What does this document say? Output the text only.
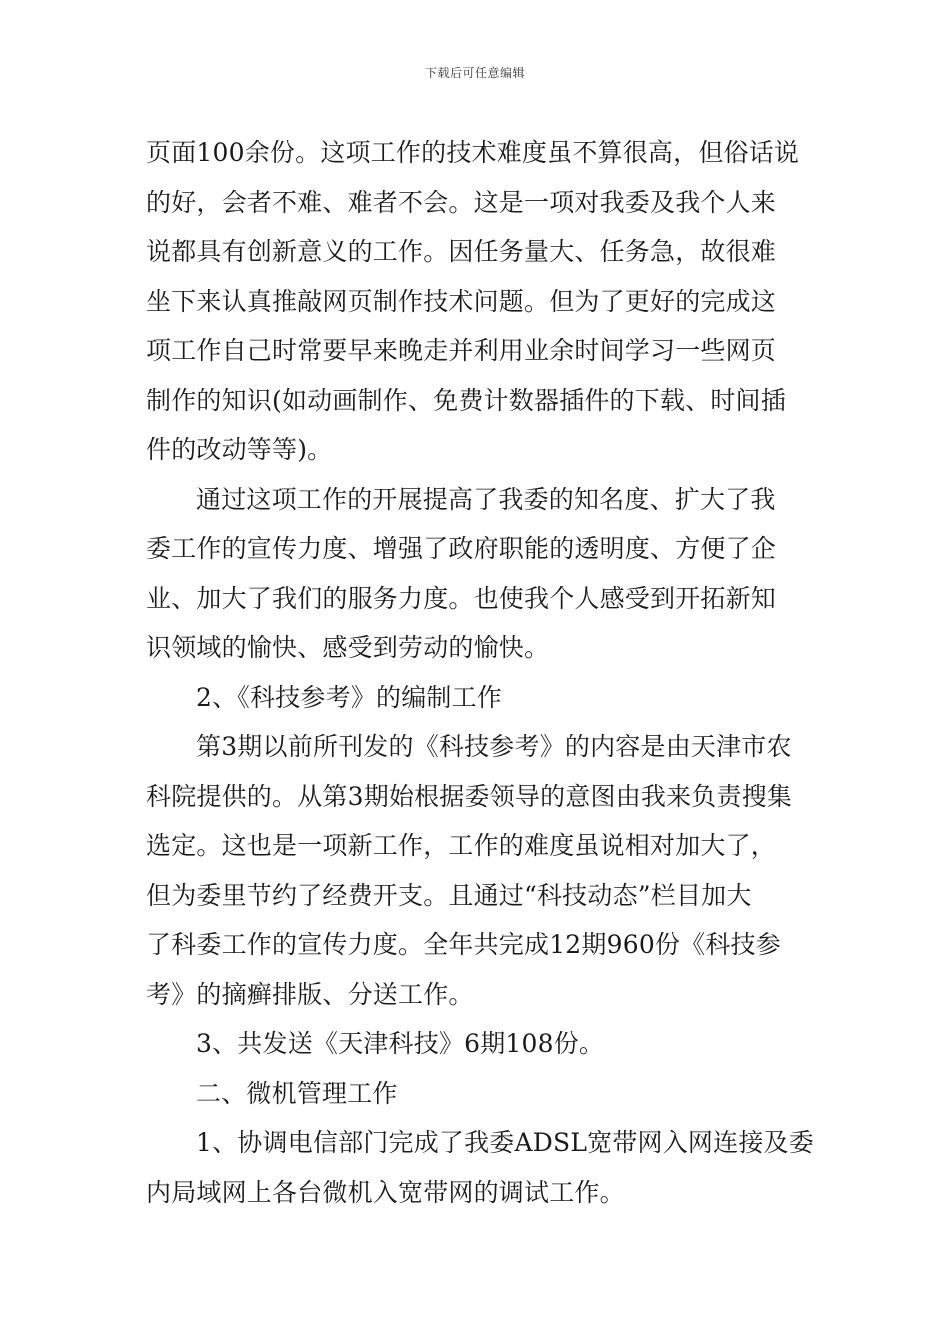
下载后可任意编辑
页面100余份。这项工作的技术难度虽不算很高，但俗话说
的好，会者不难、难者不会。这是一项对我委及我个人来
说都具有创新意义的工作。因任务量大、任务急，故很难
坐下来认真推敲网页制作技术问题。但为了更好的完成这
项工作自己时常要早来晚走并利用业余时间学习一些网页
制作的知识(如动画制作、免费计数器插件的下载、时间插
件的改动等等)。
通过这项工作的开展提高了我委的知名度、扩大了我
委工作的宣传力度、增强了政府职能的透明度、方便了企
业、加大了我们的服务力度。也使我个人感受到开拓新知
识领域的愉快、感受到劳动的愉快。
2、《科技参考》的编制工作
第3期以前所刊发的《科技参考》的内容是由天津市农
科院提供的。从第3期始根据委领导的意图由我来负责搜集
选定。这也是一项新工作，工作的难度虽说相对加大了，
但为委里节约了经费开支。且通过“科技动态”栏目加大
了科委工作的宣传力度。全年共完成12期960份《科技参
考》的摘癣排版、分送工作。
3、共发送《天津科技》6期108份。
二、微机管理工作
1、协调电信部门完成了我委ADSL宽带网入网连接及委
内局域网上各台微机入宽带网的调试工作。
